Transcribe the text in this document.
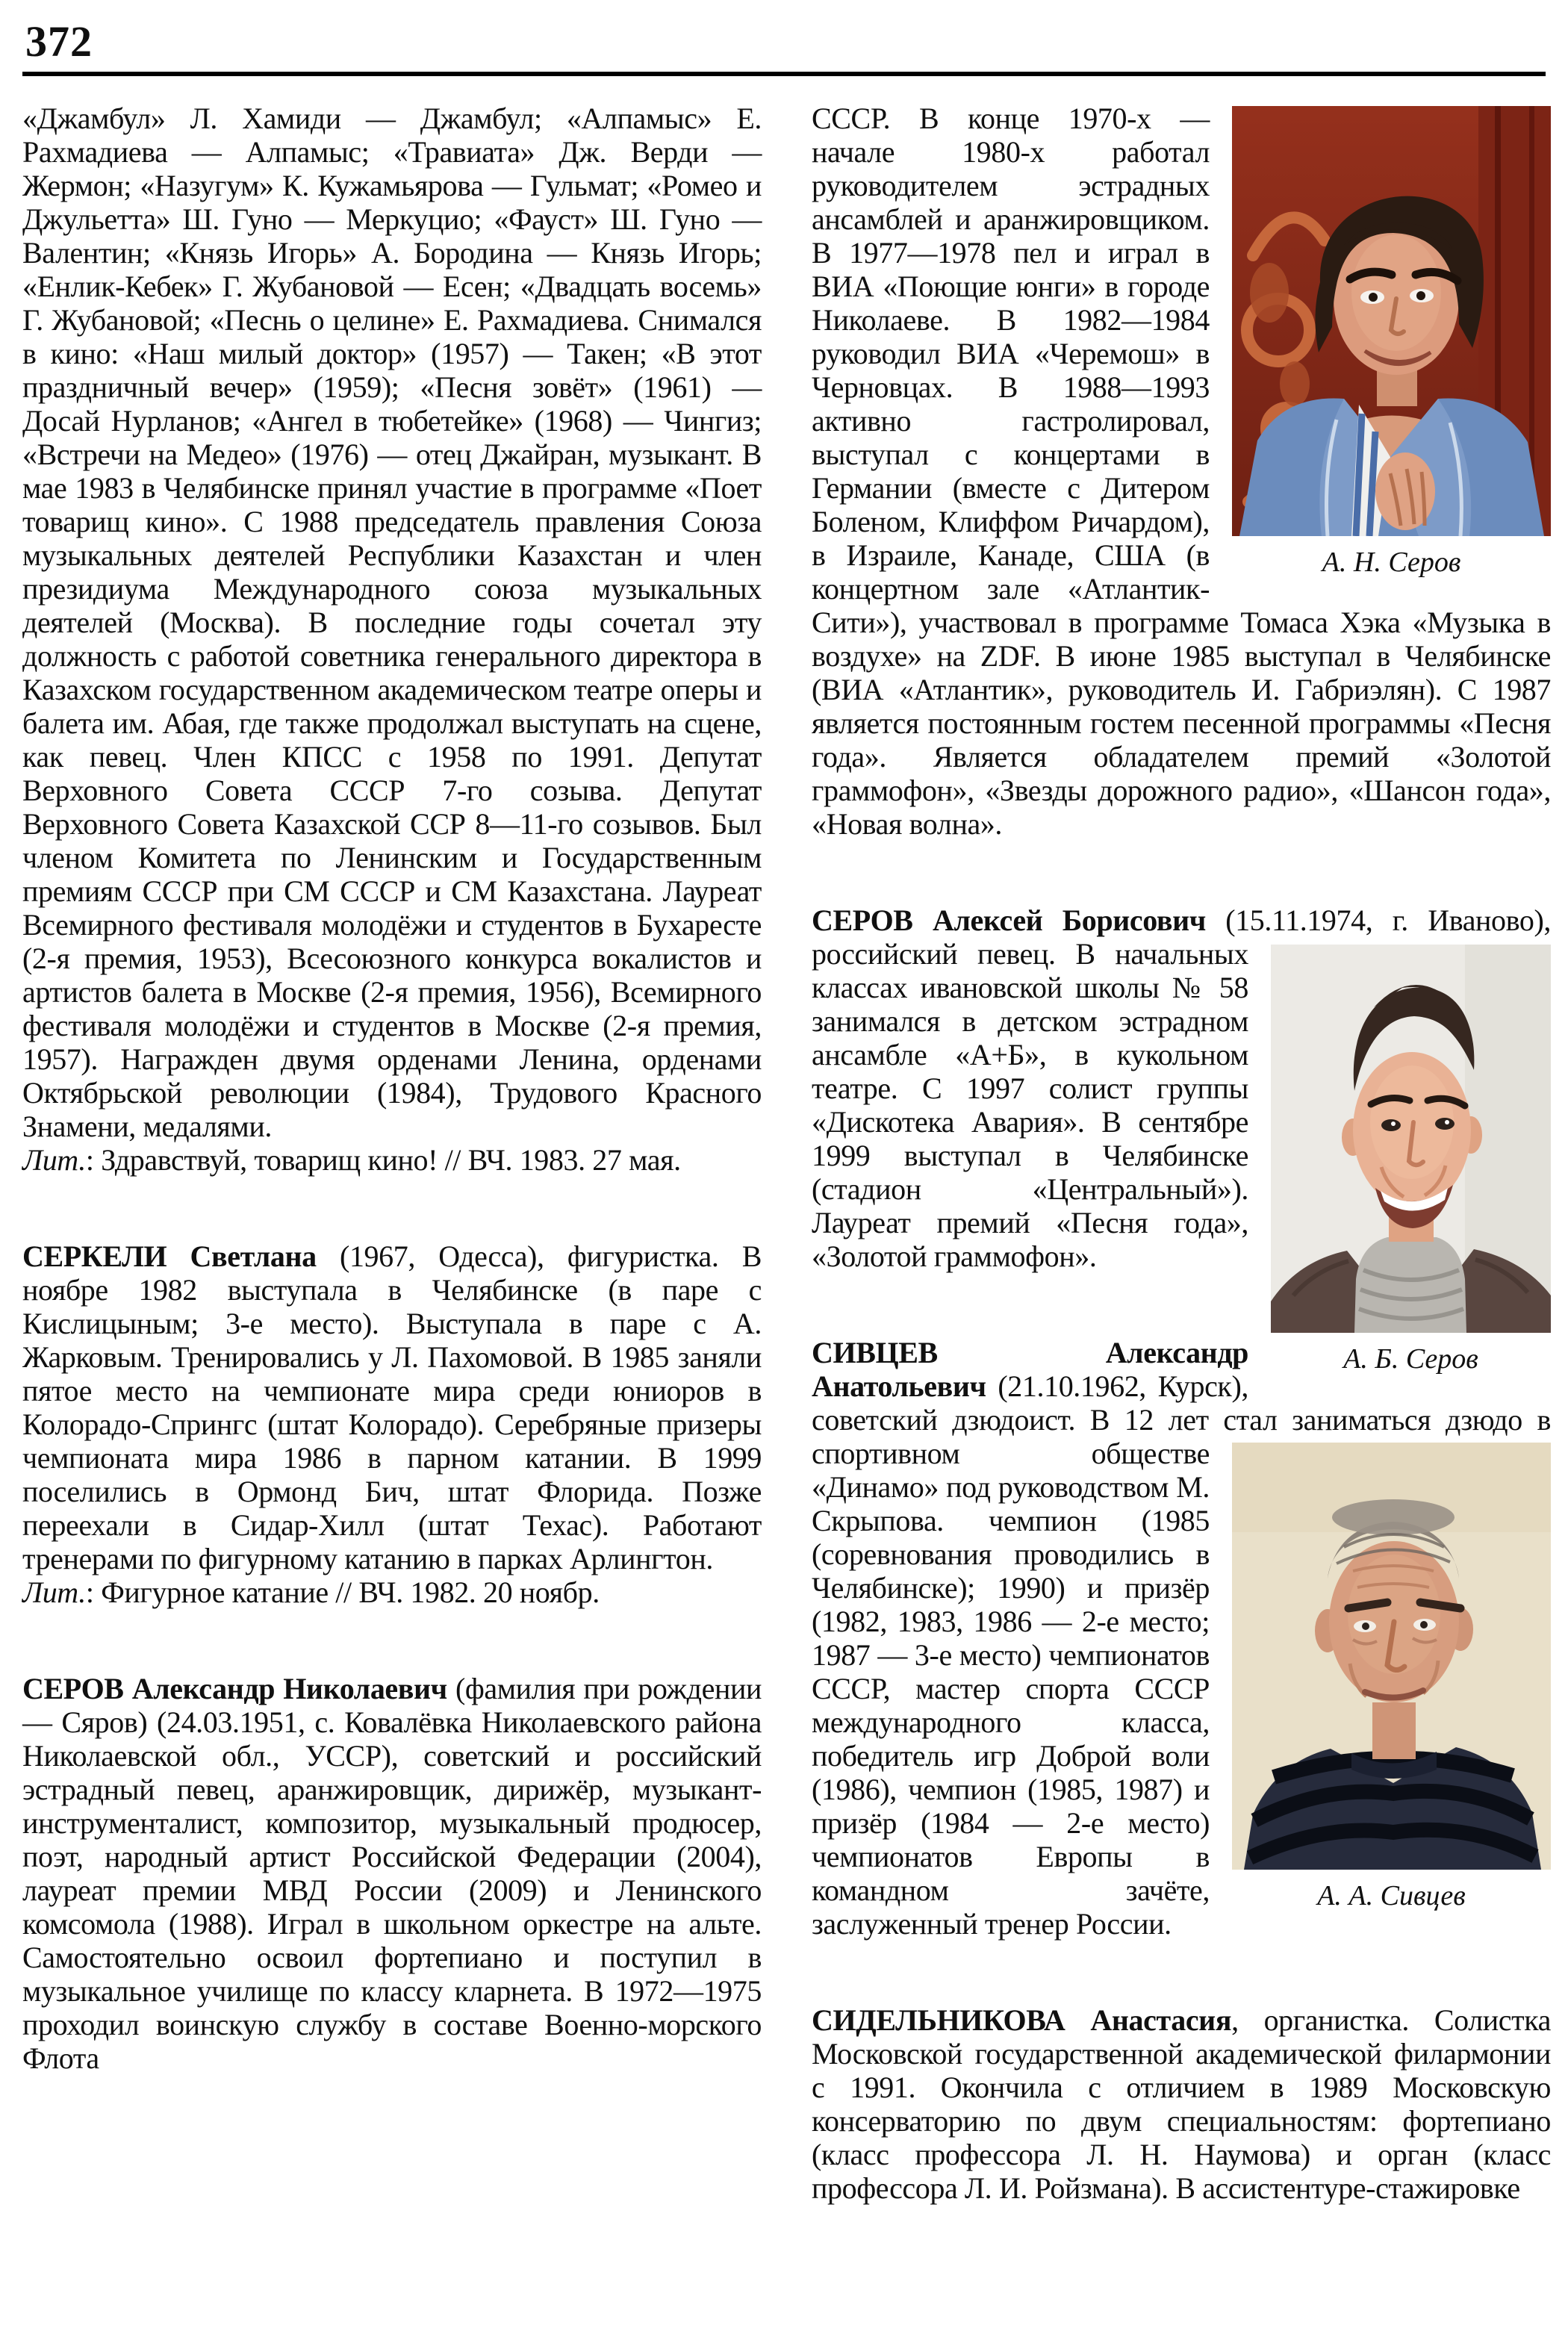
372

«Джамбул» Л. Хамиди — Джамбул; «Алпамыс» Е. Рахмадиева — Алпамыс; «Травиата» Дж. Верди — Жермон; «Назугум» К. Кужамьярова — Гульмат; «Ромео и Джульетта» Ш. Гуно — Меркуцио; «Фауст» Ш. Гуно — Валентин; «Князь Игорь» А. Бородина — Князь Игорь; «Енлик-Кебек» Г. Жубановой — Есен; «Двадцать восемь» Г. Жубановой; «Песнь о целине» Е. Рахмадиева. Снимался в кино: «Наш милый доктор» (1957) — Такен; «В этот праздничный вечер» (1959); «Песня зовёт» (1961) — Досай Нурланов; «Ангел в тюбетейке» (1968) — Чингиз; «Встречи на Медео» (1976) — отец Джайран, музыкант. В мае 1983 в Челябинске принял участие в программе «Поет товарищ кино». С 1988 председатель правления Союза музыкальных деятелей Республики Казахстан и член президиума Международного союза музыкальных деятелей (Москва). В последние годы сочетал эту должность с работой советника генерального директора в Казахском государственном академическом театре оперы и балета им. Абая, где также продолжал выступать на сцене, как певец. Член КПСС с 1958 по 1991. Депутат Верховного Совета СССР 7-го созыва. Депутат Верховного Совета Казахской ССР 8—11-го созывов. Был членом Комитета по Ленинским и Государственным премиям СССР при СМ СССР и СМ Казахстана. Лауреат Всемирного фестиваля молодёжи и студентов в Бухаресте (2-я премия, 1953), Всесоюзного конкурса вокалистов и артистов балета в Москве (2-я премия, 1956), Всемирного фестиваля молодёжи и студентов в Москве (2-я премия, 1957). Награжден двумя орденами Ленина, орденами Октябрьской революции (1984), Трудового Красного Знамени, медалями.

Лит.: Здравствуй, товарищ кино! // ВЧ. 1983. 27 мая.

СЕРКЕЛИ Светлана (1967, Одесса), фигуристка. В ноябре 1982 выступала в Челябинске (в паре с Кислицыным; 3-е место). Выступала в паре с А. Жарковым. Тренировались у Л. Пахомовой. В 1985 заняли пятое место на чемпионате мира среди юниоров в Колорадо-Спрингс (штат Колорадо). Серебряные призеры чемпионата мира 1986 в парном катании. В 1999 поселились в Ормонд Бич, штат Флорида. Позже переехали в Сидар-Хилл (штат Техас). Работают тренерами по фигурному катанию в парках Арлингтон.

Лит.: Фигурное катание // ВЧ. 1982. 20 ноябр.

СЕРОВ Александр Николаевич (фамилия при рождении — Сяров) (24.03.1951, с. Ковалёвка Николаевского района Николаевской обл., УССР), советский и российский эстрадный певец, аранжировщик, дирижёр, музыкант-инструменталист, композитор, музыкальный продюсер, поэт, народный артист Российской Федерации (2004), лауреат премии МВД России (2009) и Ленинского комсомола (1988). Играл в школьном оркестре на альте. Самостоятельно освоил фортепиано и поступил в музыкальное училище по классу кларнета. В 1972—1975 проходил воинскую службу в составе Военно-морского Флота

А. Н. Серов
СССР. В конце 1970-х — начале 1980-х работал руководителем эстрадных ансамблей и аранжировщиком. В 1977—1978 пел и играл в ВИА «Поющие юнги» в городе Николаеве. В 1982—1984 руководил ВИА «Черемош» в Черновцах. В 1988—1993 активно гастролировал, выступал с концертами в Германии (вместе с Дитером Боленом, Клиффом Ричардом), в Израиле, Канаде, США (в концертном зале «Атлантик-Сити»), участвовал в программе Томаса Хэка «Музыка в воздухе» на ZDF. В июне 1985 выступал в Челябинске (ВИА «Атлантик», руководитель И. Габриэлян). С 1987 является постоянным гостем песенной программы «Песня года». Является обладателем премий «Золотой граммофон», «Звезды дорожного радио», «Шансон года», «Новая волна».

СЕРОВ Алексей Борисович (15.11.1974, г. Иваново), российский певец.
А. Б. Серов
В начальных классах ивановской школы № 58 занимался в детском эстрадном ансамбле «А+Б», в кукольном театре. С 1997 солист группы «Дискотека Авария». В сентябре 1999 выступал в Челябинске (стадион «Центральный»). Лауреат премий «Песня года», «Золотой граммофон».

СИВЦЕВ Александр Анатольевич (21.10.1962, Курск), советский дзюдоист. В 12 лет стал
А. А. Сивцев
заниматься дзюдо в спортивном обществе «Динамо» под руководством М. Скрыпова. чемпион (1985 (соревнования проводились в Челябинске); 1990) и призёр (1982, 1983, 1986 — 2-е место; 1987 — 3-е место) чемпионатов СССР, мастер спорта СССР международного класса, победитель игр Доброй воли (1986), чемпион (1985, 1987) и призёр (1984 — 2-е место) чемпионатов Европы в командном зачёте, заслуженный тренер России.

СИДЕЛЬНИКОВА Анастасия, органистка. Солистка Московской государственной академической филармонии с 1991. Окончила с отличием в 1989 Московскую консерваторию по двум специальностям: фортепиано (класс профессора Л. Н. Наумова) и орган (класс профессора Л. И. Ройзмана). В ассистентуре-стажировке
